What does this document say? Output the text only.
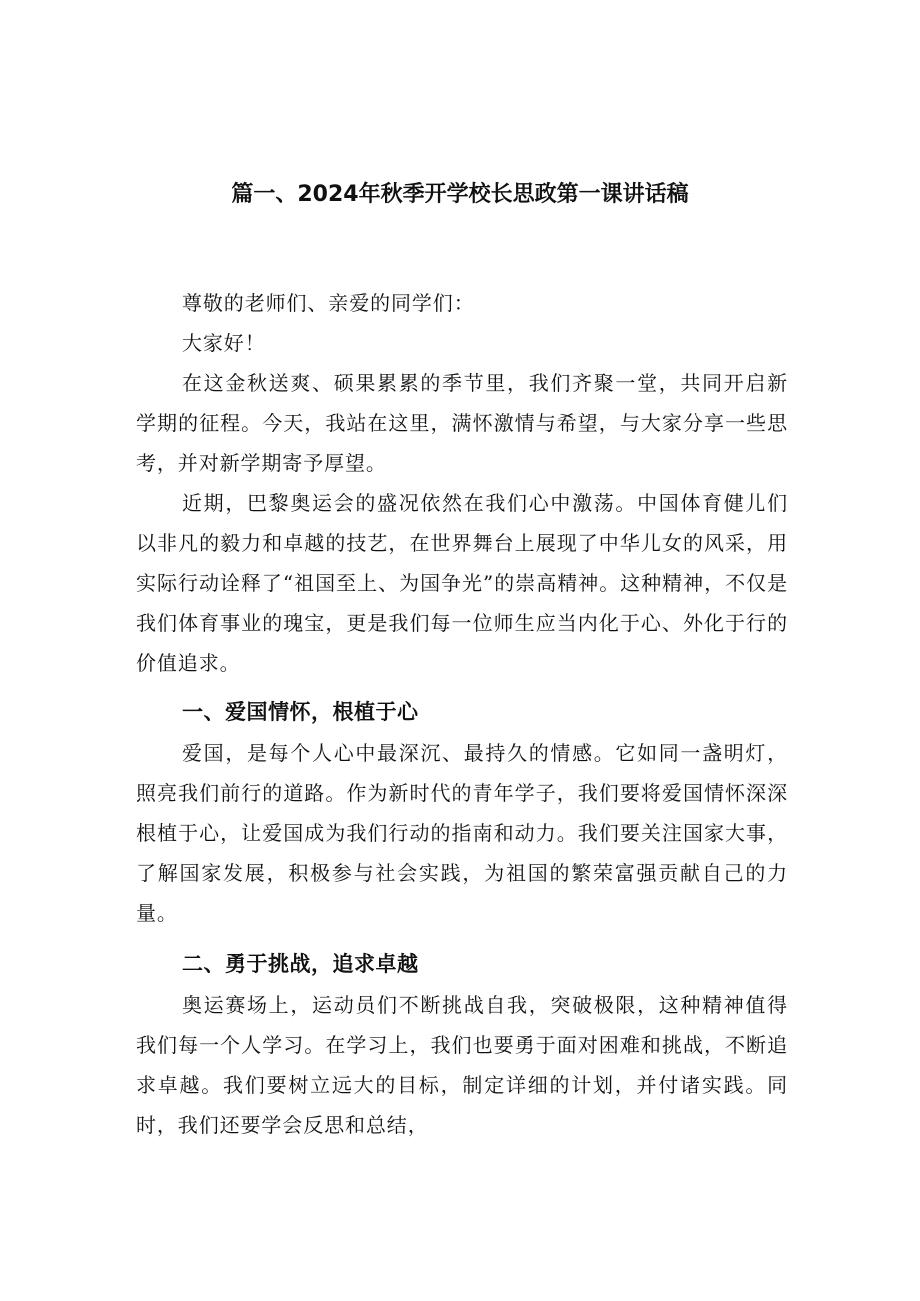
篇一、2024年秋季开学校长思政第一课讲话稿

尊敬的老师们、亲爱的同学们：

大家好！

在这金秋送爽、硕果累累的季节里，我们齐聚一堂，共同开启新学期的征程。今天，我站在这里，满怀激情与希望，与大家分享一些思考，并对新学期寄予厚望。

近期，巴黎奥运会的盛况依然在我们心中激荡。中国体育健儿们以非凡的毅力和卓越的技艺，在世界舞台上展现了中华儿女的风采，用实际行动诠释了“祖国至上、为国争光”的崇高精神。这种精神，不仅是我们体育事业的瑰宝，更是我们每一位师生应当内化于心、外化于行的价值追求。

一、爱国情怀，根植于心

爱国，是每个人心中最深沉、最持久的情感。它如同一盏明灯，照亮我们前行的道路。作为新时代的青年学子，我们要将爱国情怀深深根植于心，让爱国成为我们行动的指南和动力。我们要关注国家大事，了解国家发展，积极参与社会实践，为祖国的繁荣富强贡献自己的力量。

二、勇于挑战，追求卓越

奥运赛场上，运动员们不断挑战自我，突破极限，这种精神值得我们每一个人学习。在学习上，我们也要勇于面对困难和挑战，不断追求卓越。我们要树立远大的目标，制定详细的计划，并付诸实践。同时，我们还要学会反思和总结，
